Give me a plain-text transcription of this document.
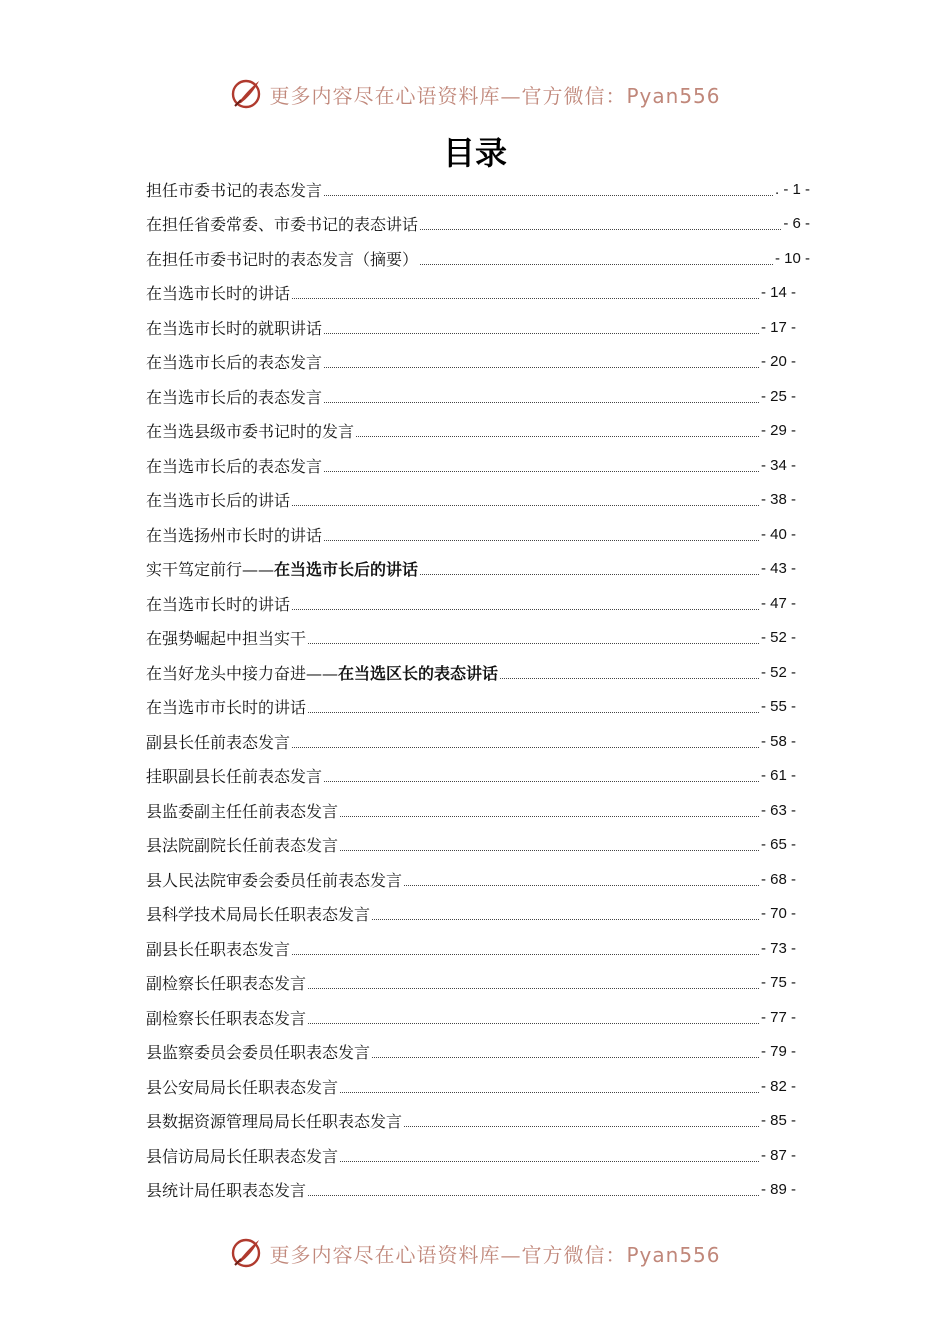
更多内容尽在心语资料库—官方微信：Pyan556
目录
担任市委书记的表态发言	. - 1 -
在担任省委常委、市委书记的表态讲话	- 6 -
在担任市委书记时的表态发言（摘要）	- 10 -
在当选市长时的讲话	- 14 -
在当选市长时的就职讲话	- 17 -
在当选市长后的表态发言	- 20 -
在当选市长后的表态发言	- 25 -
在当选县级市委书记时的发言	- 29 -
在当选市长后的表态发言	- 34 -
在当选市长后的讲话	- 38 -
在当选扬州市长时的讲话	- 40 -
实干笃定前行——在当选市长后的讲话	- 43 -
在当选市长时的讲话	- 47 -
在强势崛起中担当实干	- 52 -
在当好龙头中接力奋进——在当选区长的表态讲话	- 52 -
在当选市市长时的讲话	- 55 -
副县长任前表态发言	- 58 -
挂职副县长任前表态发言	- 61 -
县监委副主任任前表态发言	- 63 -
县法院副院长任前表态发言	- 65 -
县人民法院审委会委员任前表态发言	- 68 -
县科学技术局局长任职表态发言	- 70 -
副县长任职表态发言	- 73 -
副检察长任职表态发言	- 75 -
副检察长任职表态发言	- 77 -
县监察委员会委员任职表态发言	- 79 -
县公安局局长任职表态发言	- 82 -
县数据资源管理局局长任职表态发言	- 85 -
县信访局局长任职表态发言	- 87 -
县统计局任职表态发言	- 89 -
更多内容尽在心语资料库—官方微信：Pyan556
